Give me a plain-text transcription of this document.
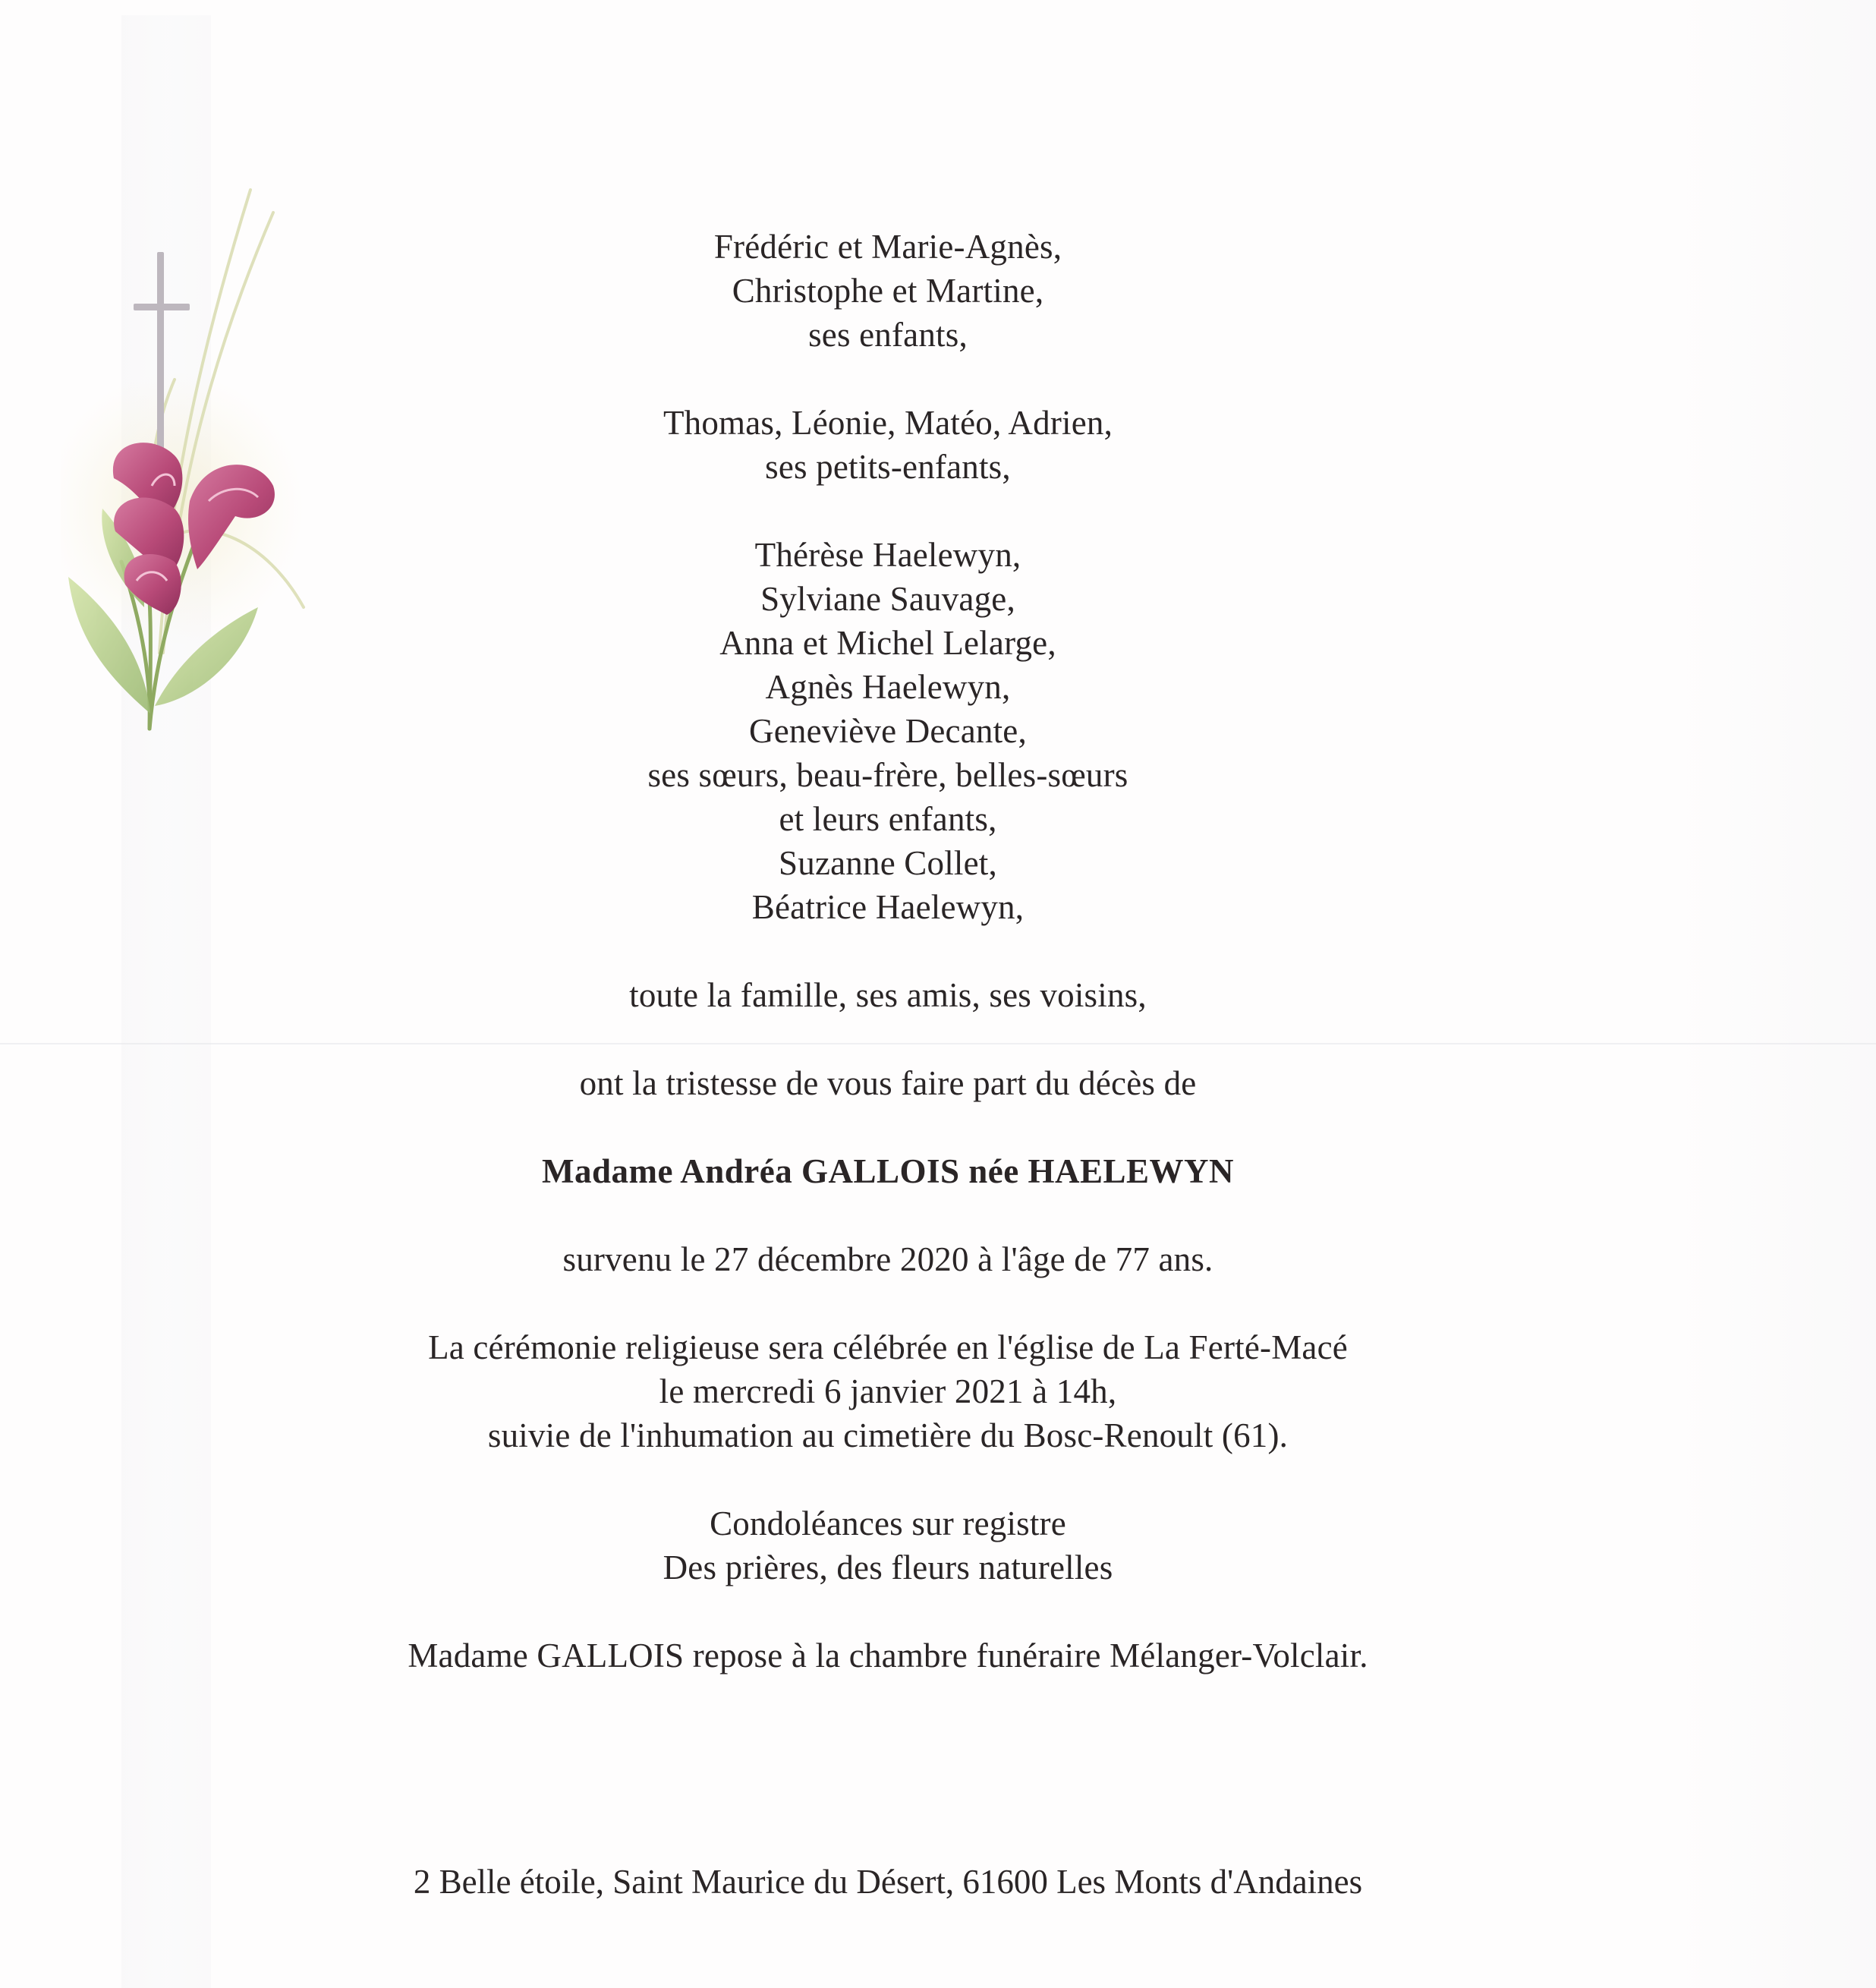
Frédéric et Marie-Agnès,

Christophe et Martine,

ses enfants,

Thomas, Léonie, Matéo, Adrien,

ses petits-enfants,

Thérèse Haelewyn,

Sylviane Sauvage,

Anna et Michel Lelarge,

Agnès Haelewyn,

Geneviève Decante,

ses sœurs, beau-frère, belles-sœurs

et leurs enfants,

Suzanne Collet,

Béatrice Haelewyn,

toute la famille, ses amis, ses voisins,

ont la tristesse de vous faire part du décès de

Madame Andréa GALLOIS née HAELEWYN

survenu le 27 décembre 2020 à l'âge de 77 ans.

La cérémonie religieuse sera célébrée en l'église de La Ferté-Macé

le mercredi 6 janvier 2021 à 14h,

suivie de l'inhumation au cimetière du Bosc-Renoult (61).

Condoléances sur registre

Des prières, des fleurs naturelles

Madame GALLOIS repose à la chambre funéraire Mélanger-Volclair.

2 Belle étoile, Saint Maurice du Désert, 61600 Les Monts d'Andaines
